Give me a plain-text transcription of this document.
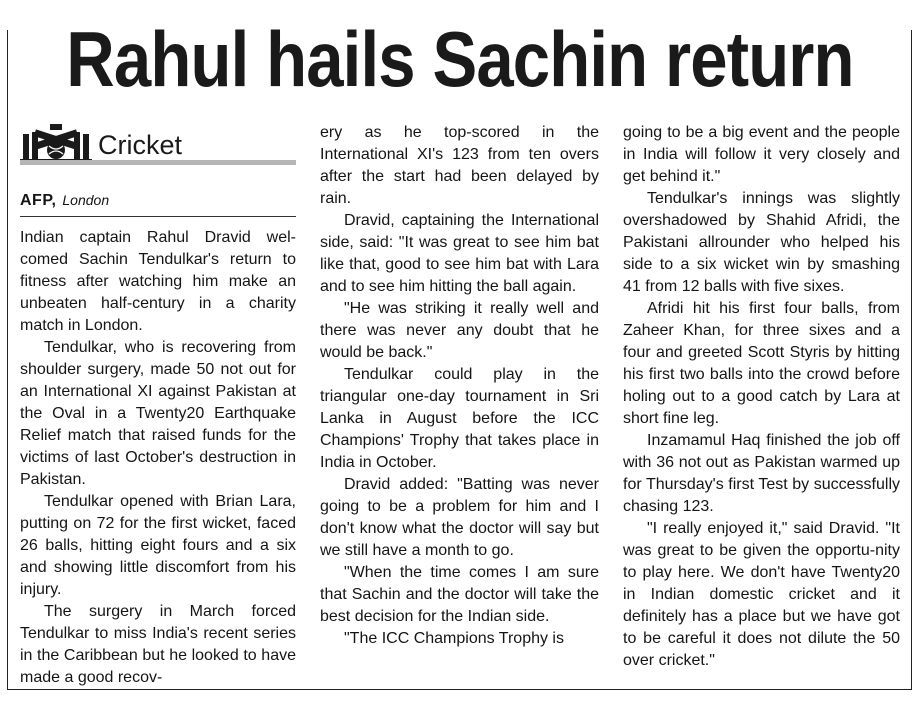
Rahul hails Sachin return
Cricket
AFP, London

Indian captain Rahul Dravid wel-comed Sachin Tendulkar's return to fitness after watching him make an unbeaten half-century in a charity match in London.

Tendulkar, who is recovering from shoulder surgery, made 50 not out for an International XI against Pakistan at the Oval in a Twenty20 Earthquake Relief match that raised funds for the victims of last October's destruction in Pakistan.

Tendulkar opened with Brian Lara, putting on 72 for the first wicket, faced 26 balls, hitting eight fours and a six and showing little discomfort from his injury.

The surgery in March forced Tendulkar to miss India's recent series in the Caribbean but he looked to have made a good recov-

ery as he top-scored in the International XI's 123 from ten overs after the start had been delayed by rain.

Dravid, captaining the International side, said: "It was great to see him bat like that, good to see him bat with Lara and to see him hitting the ball again.

"He was striking it really well and there was never any doubt that he would be back."

Tendulkar could play in the triangular one-day tournament in Sri Lanka in August before the ICC Champions' Trophy that takes place in India in October.

Dravid added: "Batting was never going to be a problem for him and I don't know what the doctor will say but we still have a month to go.

"When the time comes I am sure that Sachin and the doctor will take the best decision for the Indian side.

"The ICC Champions Trophy is

going to be a big event and the people in India will follow it very closely and get behind it."

Tendulkar's innings was slightly overshadowed by Shahid Afridi, the Pakistani allrounder who helped his side to a six wicket win by smashing 41 from 12 balls with five sixes.

Afridi hit his first four balls, from Zaheer Khan, for three sixes and a four and greeted Scott Styris by hitting his first two balls into the crowd before holing out to a good catch by Lara at short fine leg.

Inzamamul Haq finished the job off with 36 not out as Pakistan warmed up for Thursday's first Test by successfully chasing 123.

"I really enjoyed it," said Dravid. "It was great to be given the opportu-nity to play here. We don't have Twenty20 in Indian domestic cricket and it definitely has a place but we have got to be careful it does not dilute the 50 over cricket."
